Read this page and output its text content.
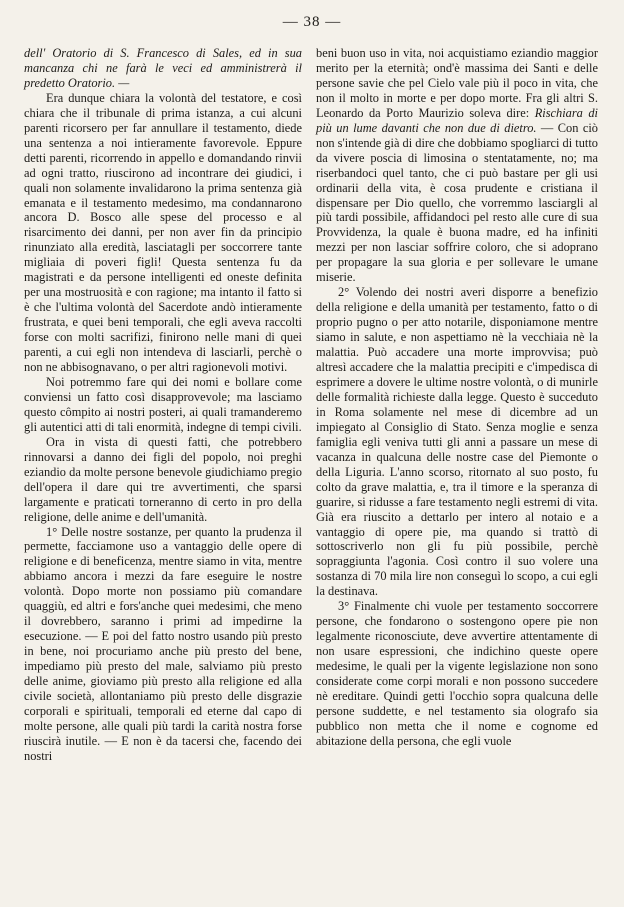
— 38 —

dell' Oratorio di S. Francesco di Sales, ed in sua mancanza chi ne farà le veci ed amministrerà il predetto Oratorio. —

Era dunque chiara la volontà del testatore, e così chiara che il tribunale di prima istanza, a cui alcuni parenti ricorsero per far annullare il testamento, diede una sentenza a noi intieramente favorevole. Eppure detti parenti, ricorrendo in appello e domandando rinvii ad ogni tratto, riuscirono ad incontrare dei giudici, i quali non solamente invalidarono la prima sentenza già emanata e il testamento medesimo, ma condannarono ancora D. Bosco alle spese del processo e al risarcimento dei danni, per non aver fin da principio rinunziato alla eredità, lasciatagli per soccorrere tante migliaia di poveri figli! Questa sentenza fu da magistrati e da persone intelligenti ed oneste definita per una mostruosità e con ragione; ma intanto il fatto si è che l'ultima volontà del Sacerdote andò intieramente frustrata, e quei beni temporali, che egli aveva raccolti forse con molti sacrifizi, finirono nelle mani di quei parenti, a cui egli non intendeva di lasciarli, perchè o non ne abbisognavano, o per altri ragionevoli motivi.

Noi potremmo fare qui dei nomi e bollare come conviensi un fatto così disapprovevole; ma lasciamo questo cômpito ai nostri posteri, ai quali tramanderemo gli autentici atti di tali enormità, indegne di tempi civili.

Ora in vista di questi fatti, che potrebbero rinnovarsi a danno dei figli del popolo, noi preghi eziandio da molte persone benevole giudichiamo pregio dell'opera il dare qui tre avvertimenti, che sparsi largamente e praticati torneranno di certo in pro della religione, delle anime e dell'umanità.

1° Delle nostre sostanze, per quanto la prudenza il permette, facciamone uso a vantaggio delle opere di religione e di beneficenza, mentre siamo in vita, mentre abbiamo ancora i mezzi da fare eseguire le nostre volontà. Dopo morte non possiamo più comandare quaggiù, ed altri e fors'anche quei medesimi, che meno il dovrebbero, saranno i primi ad impedirne la esecuzione. — E poi del fatto nostro usando più presto in bene, noi procuriamo anche più presto del bene, impediamo più presto del male, salviamo più presto delle anime, gioviamo più presto alla religione ed alla civile società, allontaniamo più presto delle disgrazie corporali e spirituali, temporali ed eterne dal capo di molte persone, alle quali più tardi la carità nostra forse riuscirà inutile. — E non è da tacersi che, facendo dei nostri

beni buon uso in vita, noi acquistiamo eziandio maggior merito per la eternità; ond'è massima dei Santi e delle persone savie che pel Cielo vale più il poco in vita, che non il molto in morte e per dopo morte. Fra gli altri S. Leonardo da Porto Maurizio soleva dire: Rischiara di più un lume davanti che non due di dietro. — Con ciò non s'intende già di dire che dobbiamo spogliarci di tutto da vivere poscia di limosina o stentatamente, no; ma riserbandoci quel tanto, che ci può bastare per gli usi ordinarii della vita, è cosa prudente e cristiana il dispensare per Dio quello, che vorremmo lasciargli al più tardi possibile, affidandoci pel resto alle cure di sua Provvidenza, la quale è buona madre, ed ha infiniti mezzi per non lasciar soffrire coloro, che si adoprano per propagare la sua gloria e per sollevare le umane miserie.

2° Volendo dei nostri averi disporre a benefizio della religione e della umanità per testamento, fatto o di proprio pugno o per atto notarile, disponiamone mentre siamo in salute, e non aspettiamo nè la vecchiaia nè la malattia. Può accadere una morte improvvisa; può altresì accadere che la malattia precipiti e c'impedisca di esprimere a dovere le ultime nostre volontà, o di munirle delle formalità richieste dalla legge. Questo è succeduto in Roma solamente nel mese di dicembre ad un impiegato al Consiglio di Stato. Senza moglie e senza famiglia egli veniva tutti gli anni a passare un mese di vacanza in qualcuna delle nostre case del Piemonte o della Liguria. L'anno scorso, ritornato al suo posto, fu colto da grave malattia, e, tra il timore e la speranza di guarire, si ridusse a fare testamento negli estremi di vita. Già era riuscito a dettarlo per intero al notaio e a vantaggio di opere pie, ma quando si trattò di sottoscriverlo non gli fu più possibile, perchè sopraggiunta l'agonia. Così contro il suo volere una sostanza di 70 mila lire non conseguì lo scopo, a cui egli la destinava.

3° Finalmente chi vuole per testamento soccorrere persone, che fondarono o sostengono opere pie non legalmente riconosciute, deve avvertire attentamente di non usare espressioni, che indichino queste opere medesime, le quali per la vigente legislazione non sono considerate come corpi morali e non possono succedere nè ereditare. Quindi getti l'occhio sopra qualcuna delle persone suddette, e nel testamento sia olografo sia pubblico non metta che il nome e cognome ed abitazione della persona, che egli vuole
